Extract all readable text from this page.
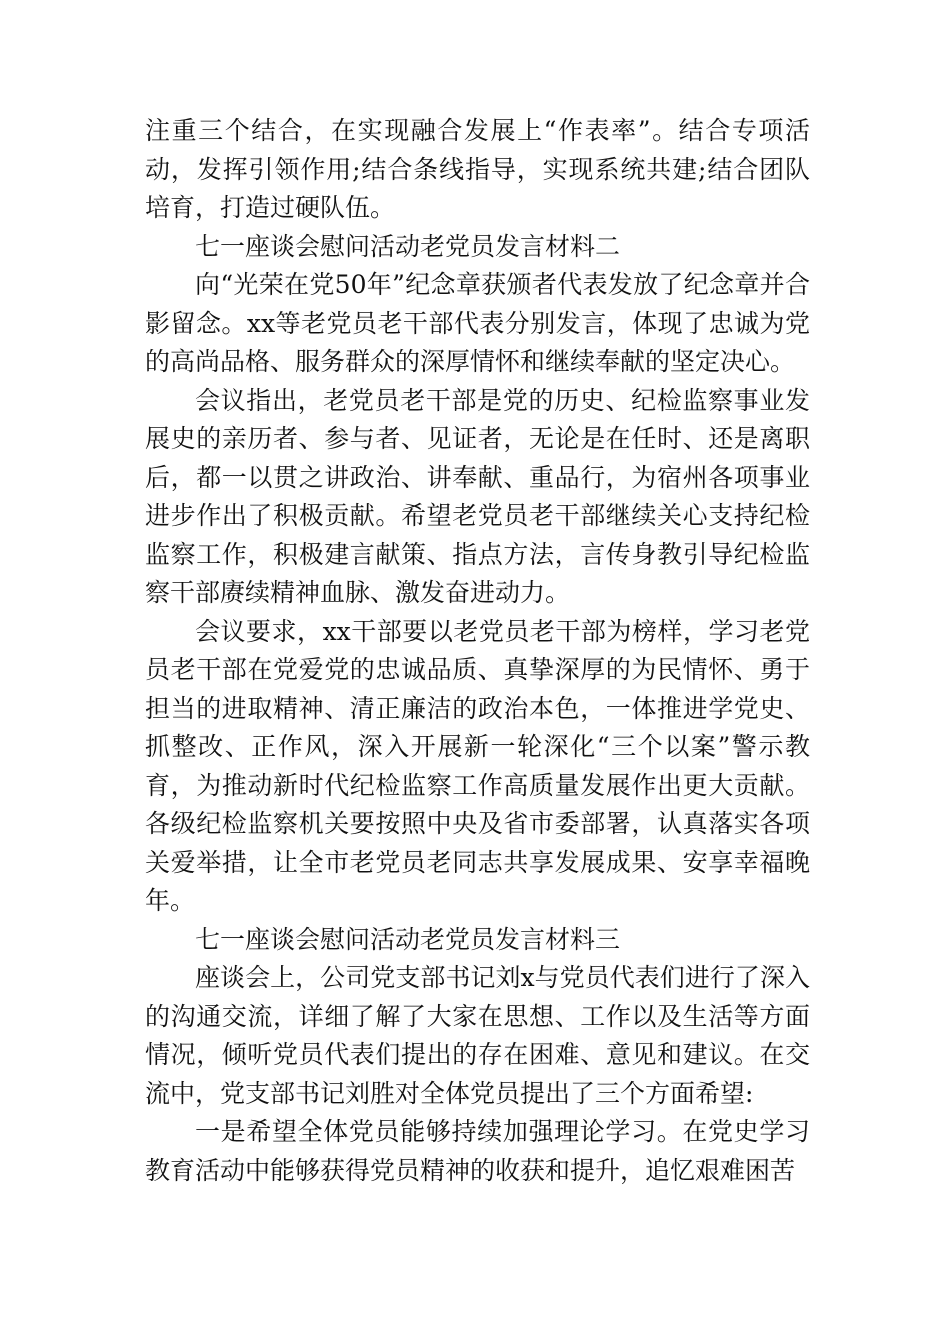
注重三个结合，在实现融合发展上“作表率”。结合专项活动，发挥引领作用;结合条线指导，实现系统共建;结合团队培育，打造过硬队伍。

七一座谈会慰问活动老党员发言材料二

向“光荣在党50年”纪念章获颁者代表发放了纪念章并合影留念。xx等老党员老干部代表分别发言，体现了忠诚为党的高尚品格、服务群众的深厚情怀和继续奉献的坚定决心。

会议指出，老党员老干部是党的历史、纪检监察事业发展史的亲历者、参与者、见证者，无论是在任时、还是离职后，都一以贯之讲政治、讲奉献、重品行，为宿州各项事业进步作出了积极贡献。希望老党员老干部继续关心支持纪检监察工作，积极建言献策、指点方法，言传身教引导纪检监察干部赓续精神血脉、激发奋进动力。

会议要求，xx干部要以老党员老干部为榜样，学习老党员老干部在党爱党的忠诚品质、真挚深厚的为民情怀、勇于担当的进取精神、清正廉洁的政治本色，一体推进学党史、抓整改、正作风，深入开展新一轮深化“三个以案”警示教育，为推动新时代纪检监察工作高质量发展作出更大贡献。各级纪检监察机关要按照中央及省市委部署，认真落实各项关爱举措，让全市老党员老同志共享发展成果、安享幸福晚年。

七一座谈会慰问活动老党员发言材料三

座谈会上，公司党支部书记刘x与党员代表们进行了深入的沟通交流，详细了解了大家在思想、工作以及生活等方面情况，倾听党员代表们提出的存在困难、意见和建议。在交流中，党支部书记刘胜对全体党员提出了三个方面希望:

一是希望全体党员能够持续加强理论学习。在党史学习教育活动中能够获得党员精神的收获和提升，追忆艰难困苦
